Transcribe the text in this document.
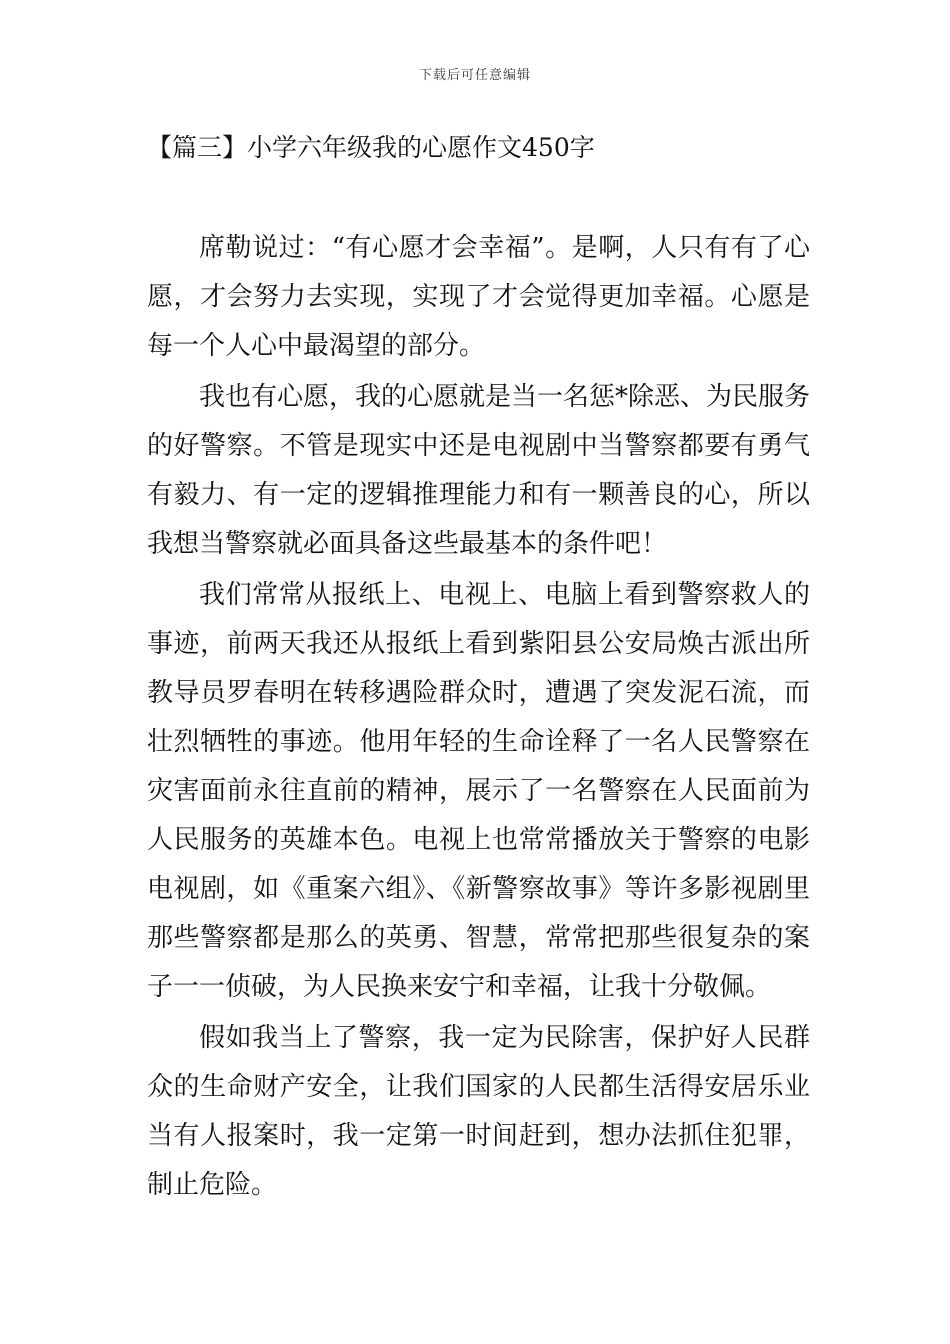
下载后可任意编辑
【篇三】小学六年级我的心愿作文450字

席勒说过：“有心愿才会幸福”。是啊，人只有有了心愿，才会努力去实现，实现了才会觉得更加幸福。心愿是每一个人心中最渴望的部分。

我也有心愿，我的心愿就是当一名惩*除恶、为民服务的好警察。不管是现实中还是电视剧中当警察都要有勇气有毅力、有一定的逻辑推理能力和有一颗善良的心，所以我想当警察就必面具备这些最基本的条件吧！

我们常常从报纸上、电视上、电脑上看到警察救人的事迹，前两天我还从报纸上看到紫阳县公安局焕古派出所教导员罗春明在转移遇险群众时，遭遇了突发泥石流，而壮烈牺牲的事迹。他用年轻的生命诠释了一名人民警察在灾害面前永往直前的精神，展示了一名警察在人民面前为人民服务的英雄本色。电视上也常常播放关于警察的电影电视剧，如《重案六组》、《新警察故事》等许多影视剧里那些警察都是那么的英勇、智慧，常常把那些很复杂的案子一一侦破，为人民换来安宁和幸福，让我十分敬佩。

假如我当上了警察，我一定为民除害，保护好人民群众的生命财产安全，让我们国家的人民都生活得安居乐业当有人报案时，我一定第一时间赶到，想办法抓住犯罪，制止危险。
